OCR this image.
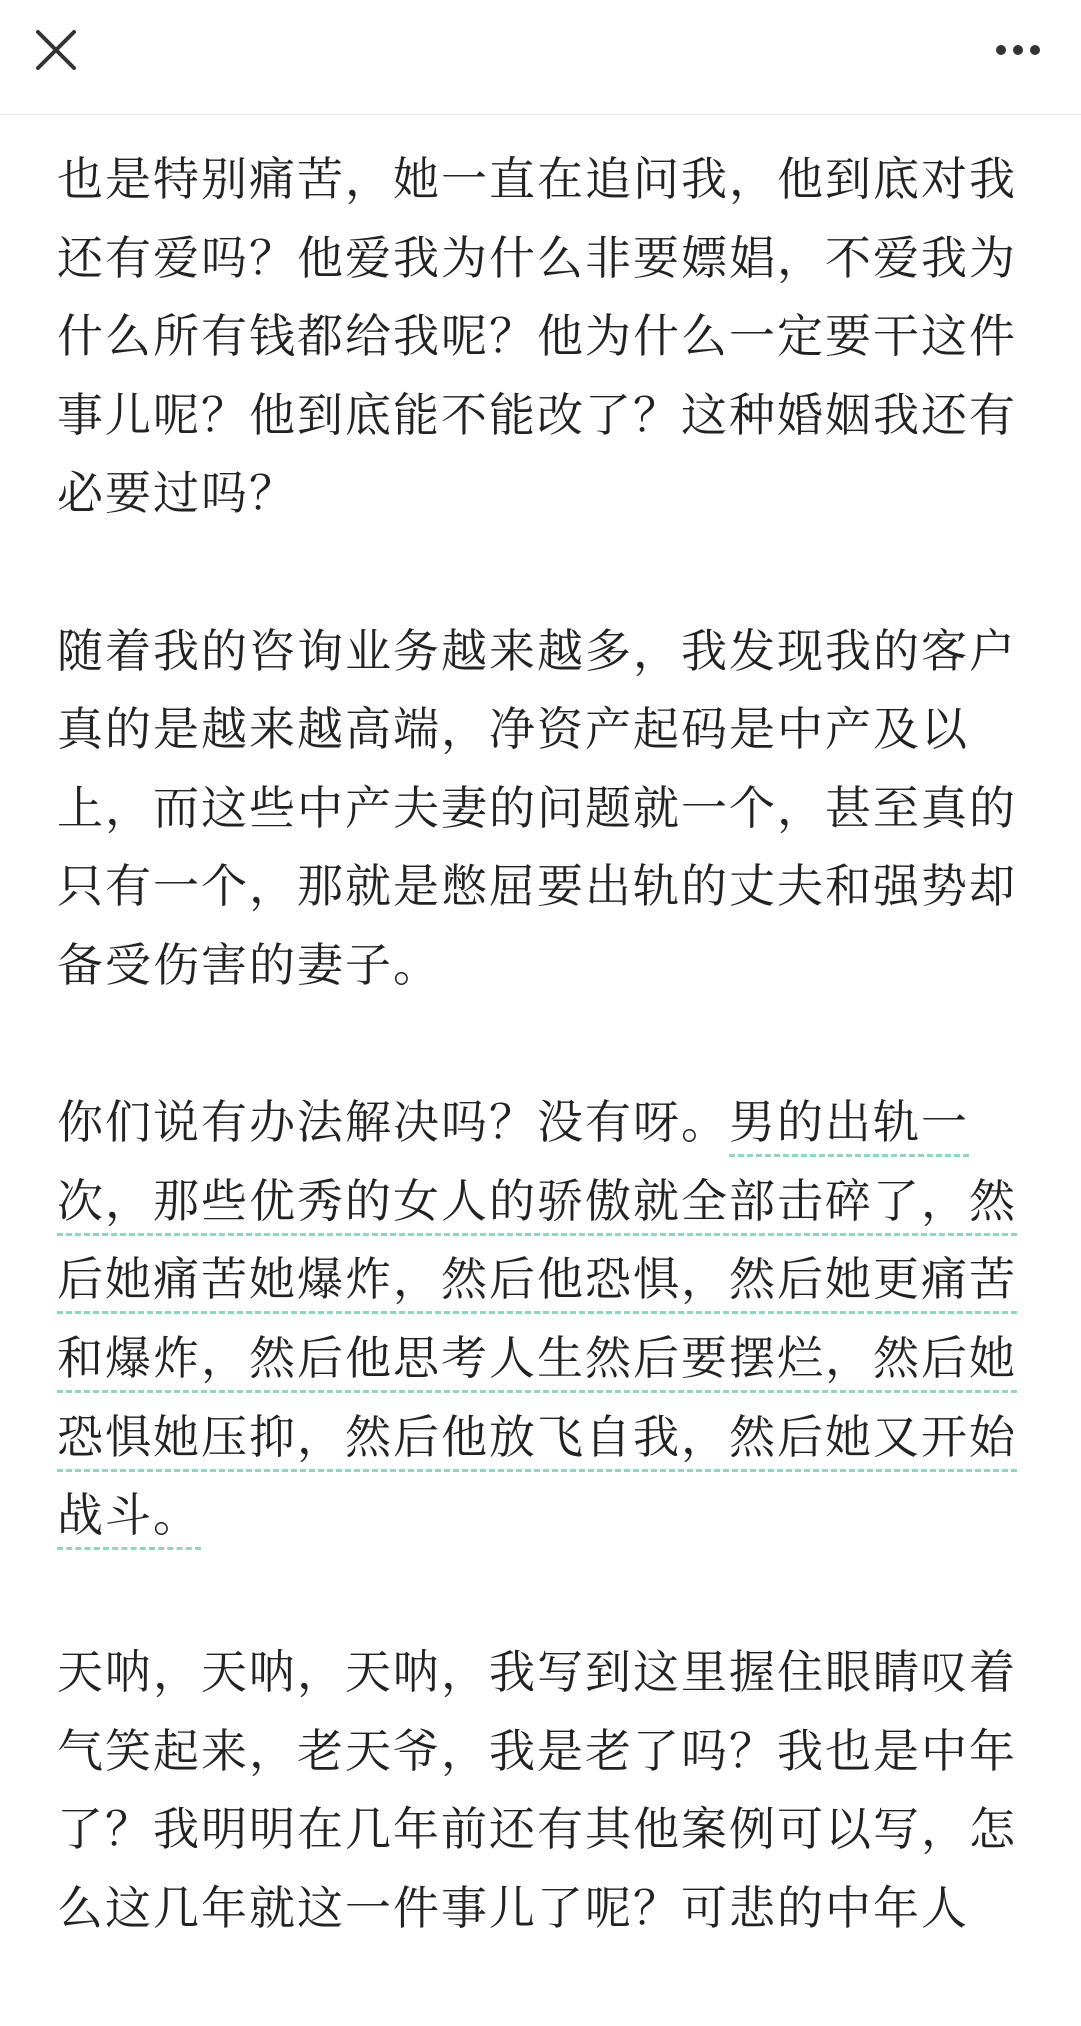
也是特别痛苦，她一直在追问我，他到底对我还有爱吗？他爱我为什么非要嫖娼，不爱我为什么所有钱都给我呢？他为什么一定要干这件事儿呢？他到底能不能改了？这种婚姻我还有必要过吗？

随着我的咨询业务越来越多，我发现我的客户真的是越来越高端，净资产起码是中产及以上，而这些中产夫妻的问题就一个，甚至真的只有一个，那就是憋屈要出轨的丈夫和强势却备受伤害的妻子。

你们说有办法解决吗？没有呀。男的出轨一次，那些优秀的女人的骄傲就全部击碎了，然后她痛苦她爆炸，然后他恐惧，然后她更痛苦和爆炸，然后他思考人生然后要摆烂，然后她恐惧她压抑，然后他放飞自我，然后她又开始战斗。

天呐，天呐，天呐，我写到这里握住眼睛叹着气笑起来，老天爷，我是老了吗？我也是中年了？我明明在几年前还有其他案例可以写，怎么这几年就这一件事儿了呢？可悲的中年人
